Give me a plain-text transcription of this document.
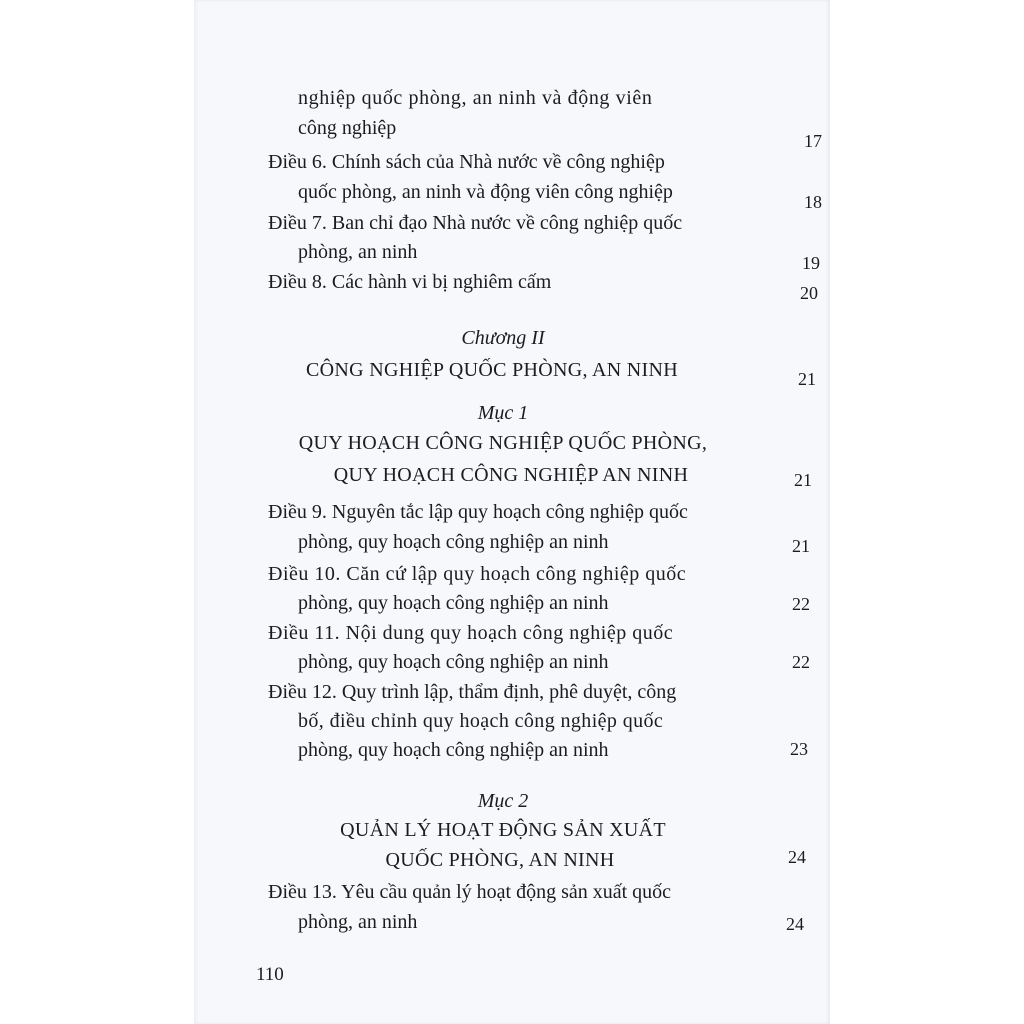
nghiệp quốc phòng, an ninh và động viên
công nghiệp
17
Điều 6. Chính sách của Nhà nước về công nghiệp
quốc phòng, an ninh và động viên công nghiệp	18
Điều 7. Ban chỉ đạo Nhà nước về công nghiệp quốc
phòng, an ninh	19
Điều 8. Các hành vi bị nghiêm cấm	20
Chương II
CÔNG NGHIỆP QUỐC PHÒNG, AN NINH	21
Mục 1
QUY HOẠCH CÔNG NGHIỆP QUỐC PHÒNG,
QUY HOẠCH CÔNG NGHIỆP AN NINH	21
Điều 9. Nguyên tắc lập quy hoạch công nghiệp quốc
phòng, quy hoạch công nghiệp an ninh	21
Điều 10. Căn cứ lập quy hoạch công nghiệp quốc
phòng, quy hoạch công nghiệp an ninh	22
Điều 11. Nội dung quy hoạch công nghiệp quốc
phòng, quy hoạch công nghiệp an ninh	22
Điều 12. Quy trình lập, thẩm định, phê duyệt, công
bố, điều chỉnh quy hoạch công nghiệp quốc
phòng, quy hoạch công nghiệp an ninh	23
Mục 2
QUẢN LÝ HOẠT ĐỘNG SẢN XUẤT
QUỐC PHÒNG, AN NINH	24
Điều 13. Yêu cầu quản lý hoạt động sản xuất quốc
phòng, an ninh	24
110
